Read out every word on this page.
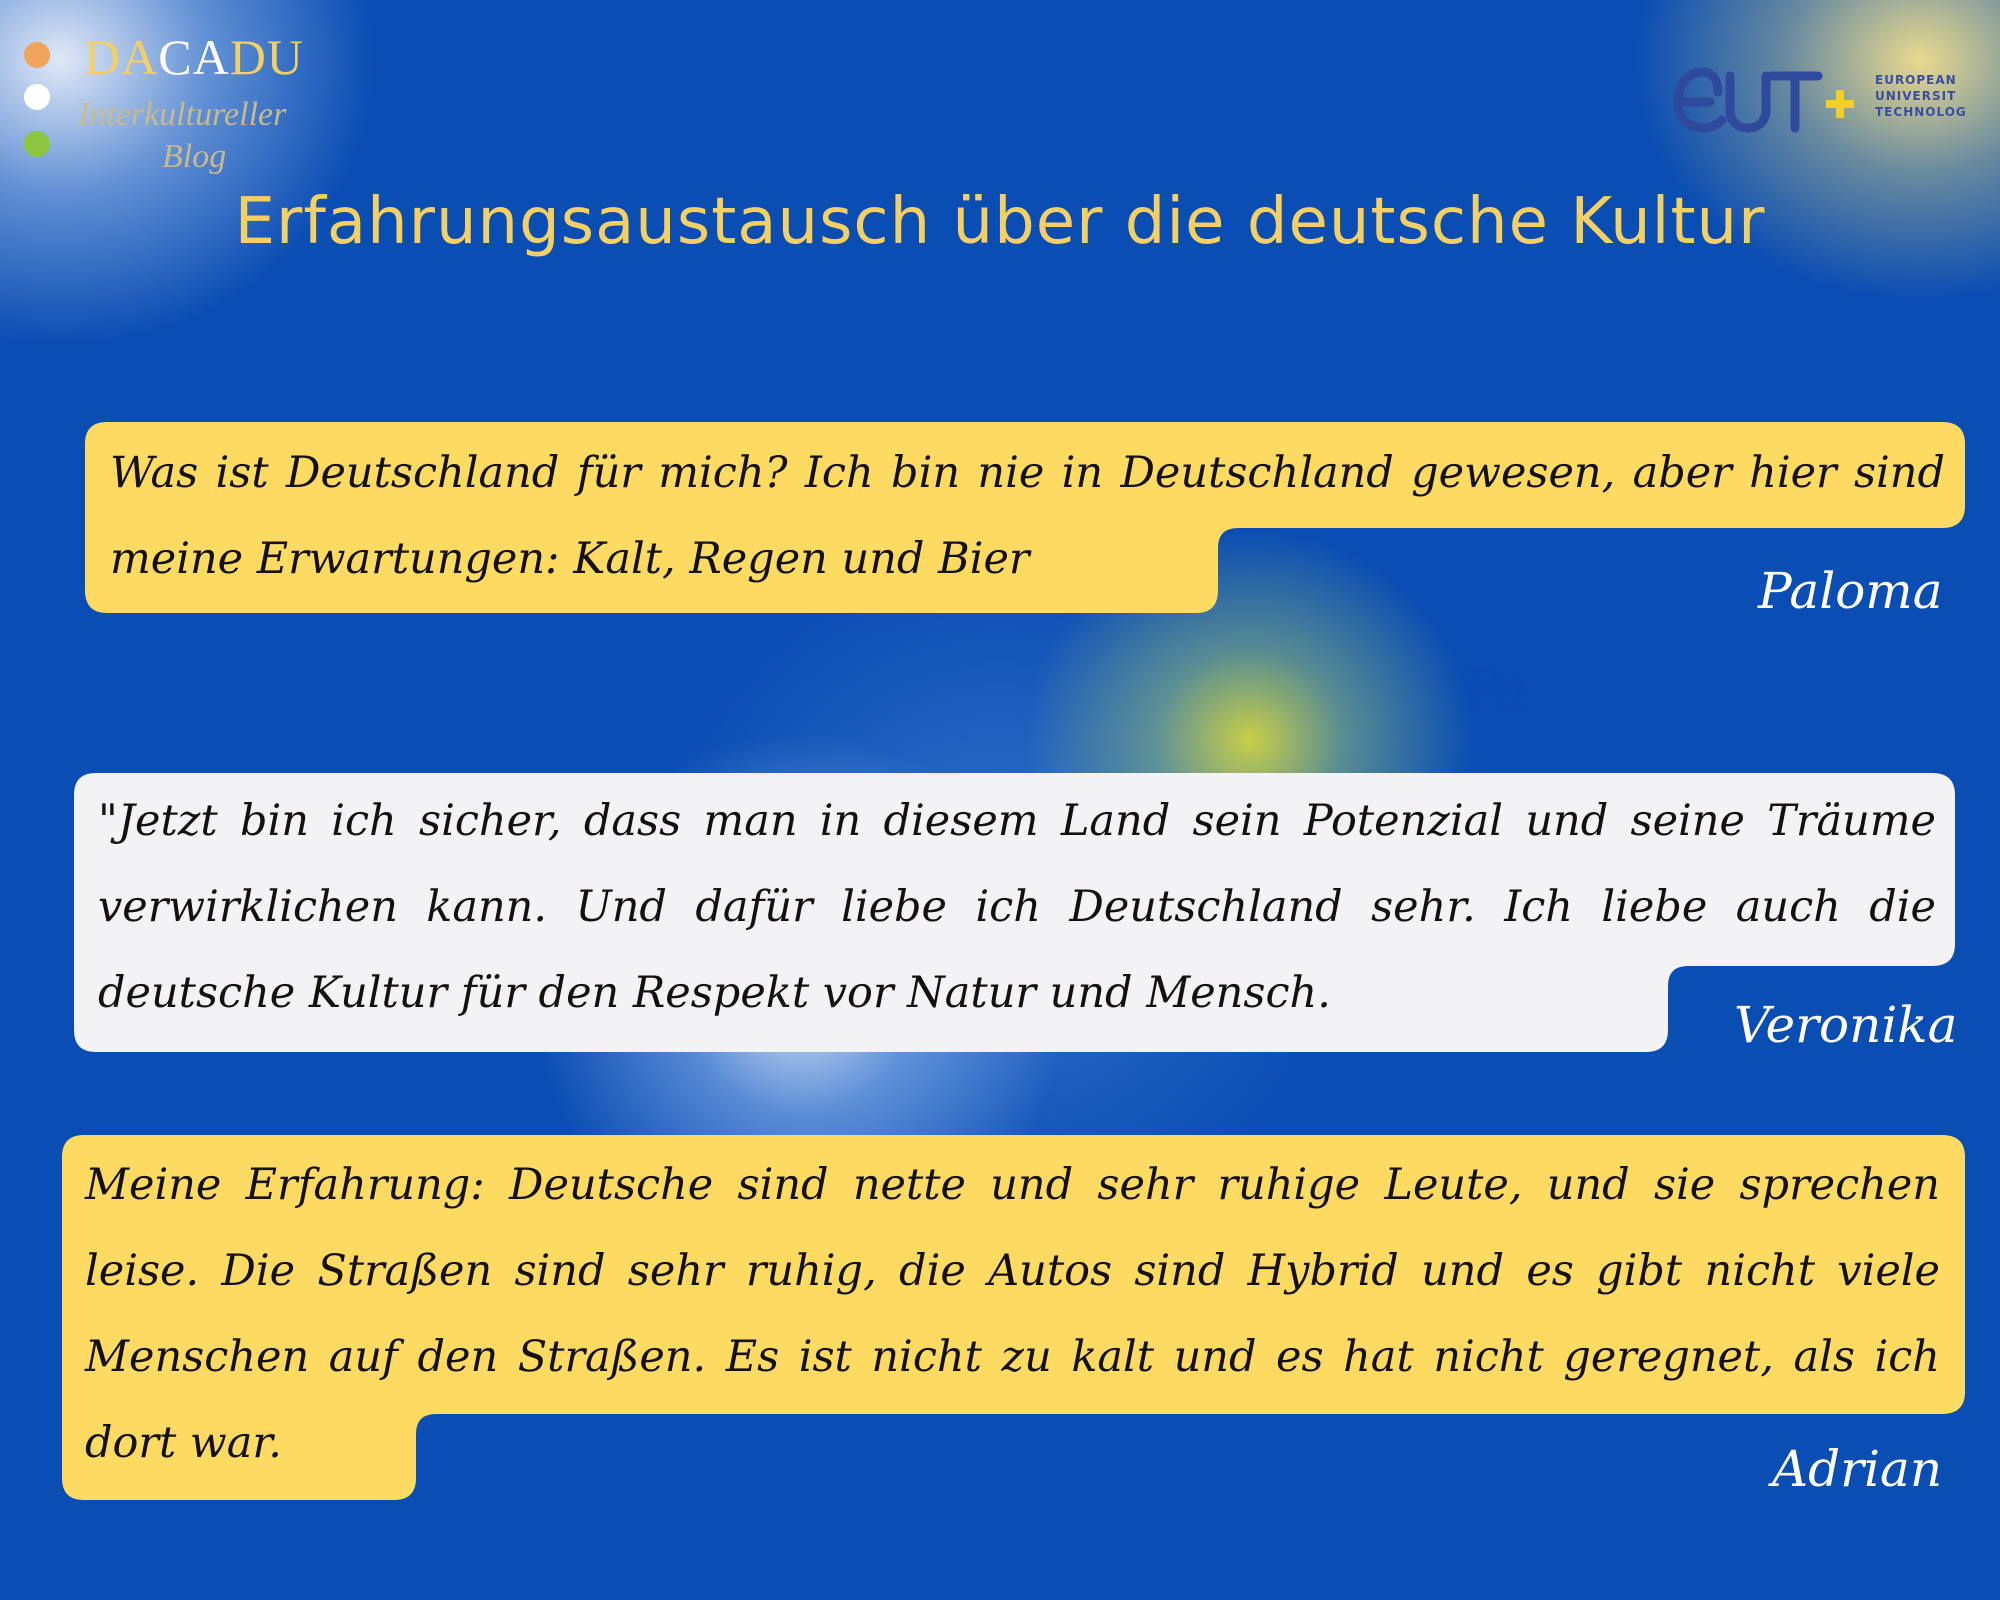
DACADU
Interkultureller
Blog
EUROPEAN
UNIVERSIT
TECHNOLOG
Erfahrungsaustausch über die deutsche Kultur
Pa
Was ist Deutschland für mich? Ich bin nie in Deutschland gewesen, aber hier sind meine Erwartungen: Kalt, Regen und Bier
"Jetzt bin ich sicher, dass man in diesem Land sein Potenzial und seine Träume verwirklichen kann. Und dafür liebe ich Deutschland sehr. Ich liebe auch die deutsche Kultur für den Respekt vor Natur und Mensch.
Meine Erfahrung: Deutsche sind nette und sehr ruhige Leute, und sie sprechen leise. Die Straßen sind sehr ruhig, die Autos sind Hybrid und es gibt nicht viele Menschen auf den Straßen. Es ist nicht zu kalt und es hat nicht geregnet, als ich dort war.
Paloma
Veronika
Adrian
